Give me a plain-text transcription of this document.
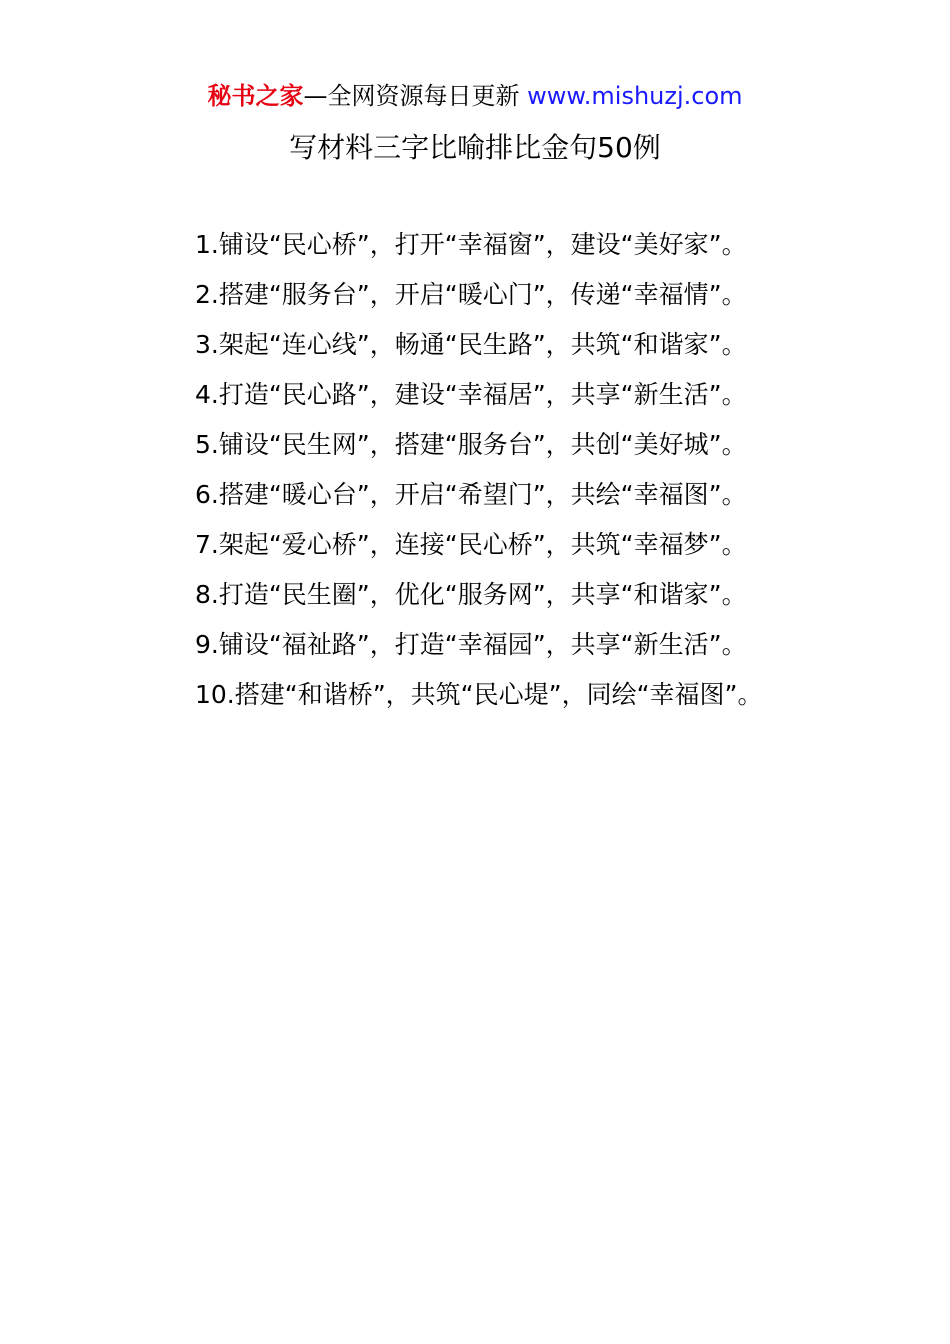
秘书之家—全网资源每日更新 www.mishuzj.com
写材料三字比喻排比金句50例
1.铺设“民心桥”，打开“幸福窗”，建设“美好家”。
2.搭建“服务台”，开启“暖心门”，传递“幸福情”。
3.架起“连心线”，畅通“民生路”，共筑“和谐家”。
4.打造“民心路”，建设“幸福居”，共享“新生活”。
5.铺设“民生网”，搭建“服务台”，共创“美好城”。
6.搭建“暖心台”，开启“希望门”，共绘“幸福图”。
7.架起“爱心桥”，连接“民心桥”，共筑“幸福梦”。
8.打造“民生圈”，优化“服务网”，共享“和谐家”。
9.铺设“福祉路”，打造“幸福园”，共享“新生活”。
10.搭建“和谐桥”，共筑“民心堤”，同绘“幸福图”。
